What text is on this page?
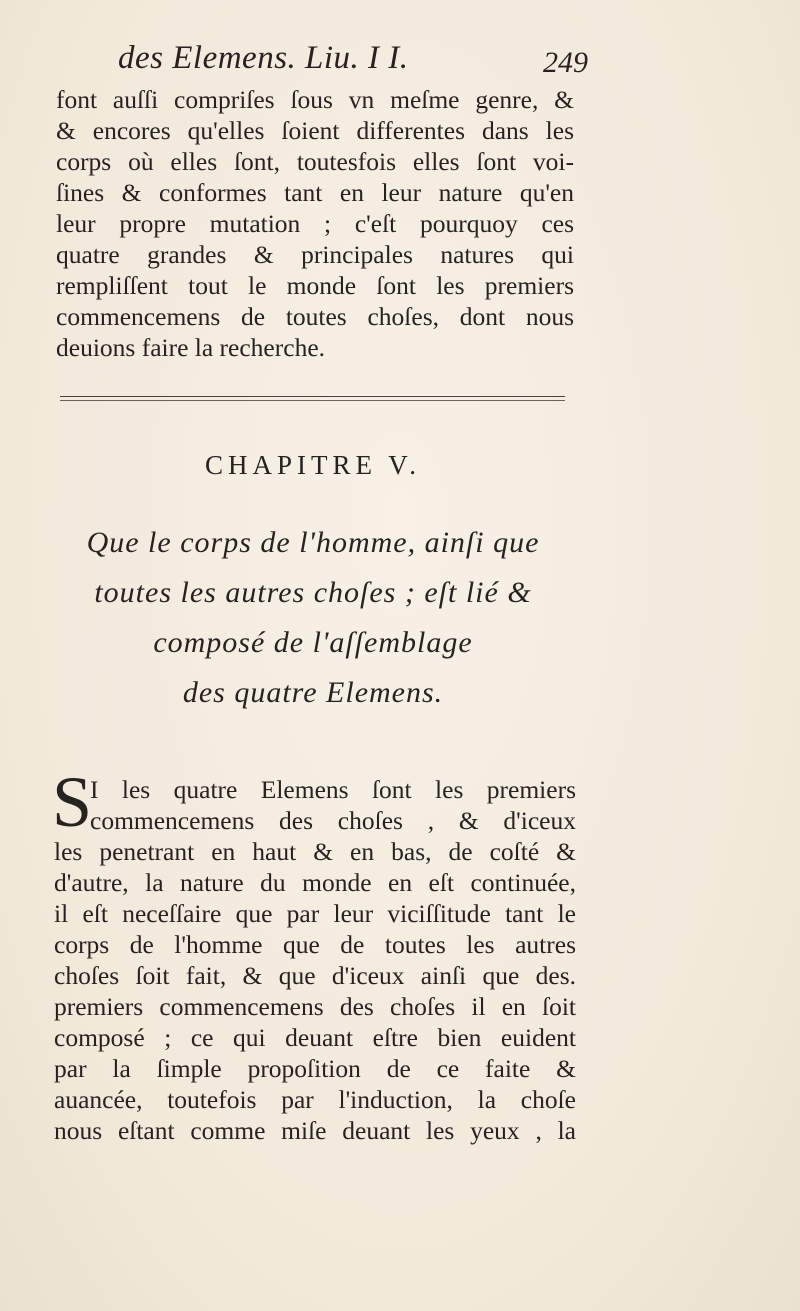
des Elemens. Liu. I I.	249
font auſſi compriſes ſous vn meſme genre, &
& encores qu'elles ſoient differentes dans les
corps où elles ſont, toutesfois elles ſont voi-
ſines & conformes tant en leur nature qu'en
leur propre mutation ; c'eſt pourquoy ces
quatre grandes & principales natures qui
rempliſſent tout le monde ſont les premiers
commencemens de toutes choſes, dont nous
deuions faire la recherche.
CHAPITRE V.
Que le corps de l'homme, ainſi que
toutes les autres choſes ; eſt lié &
composé de l'aſſemblage
des quatre Elemens.
S
I les quatre Elemens ſont les premiers
commencemens des choſes , & d'iceux
les penetrant en haut & en bas, de coſté &
d'autre, la nature du monde en eſt continuée,
il eſt neceſſaire que par leur viciſſitude tant le
corps de l'homme que de toutes les autres
choſes ſoit fait, & que d'iceux ainſi que des.
premiers commencemens des choſes il en ſoit
composé ; ce qui deuant eſtre bien euident
par la ſimple propoſition de ce faite &
auancée, toutefois par l'induction, la choſe
nous eſtant comme miſe deuant les yeux , la
